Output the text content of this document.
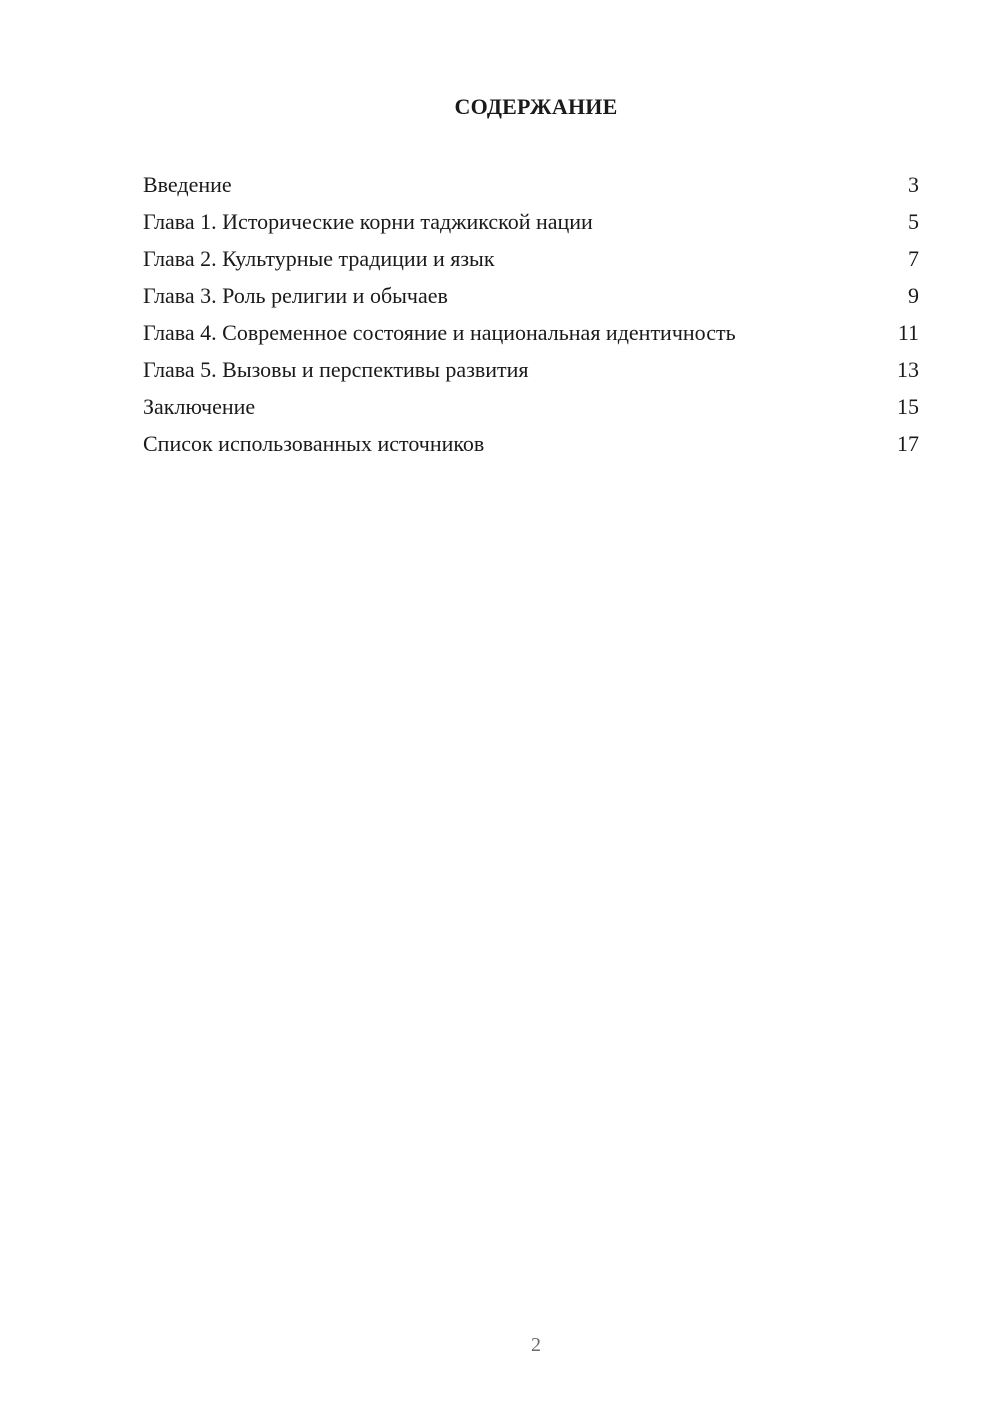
СОДЕРЖАНИЕ
Введение	3
Глава 1. Исторические корни таджикской нации	5
Глава 2. Культурные традиции и язык	7
Глава 3. Роль религии и обычаев	9
Глава 4. Современное состояние и национальная идентичность	11
Глава 5. Вызовы и перспективы развития	13
Заключение	15
Список использованных источников	17
2
